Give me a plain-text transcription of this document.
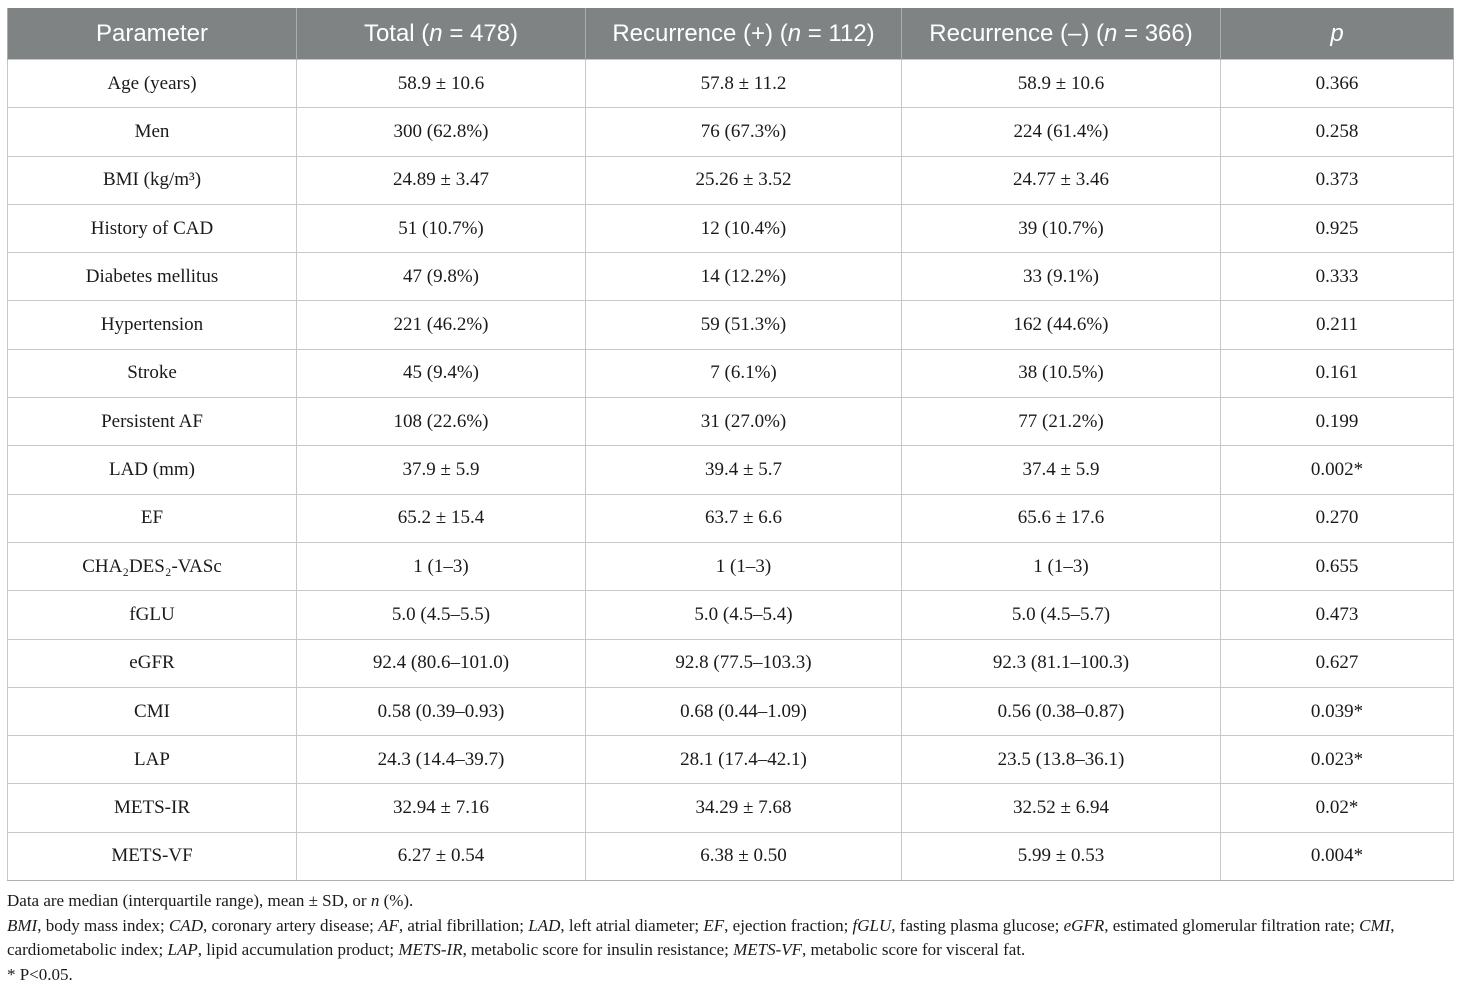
Parameter	Total (n = 478)	Recurrence (+) (n = 112)	Recurrence (–) (n = 366)	p
Age (years)	58.9 ± 10.6	57.8 ± 11.2	58.9 ± 10.6	0.366
Men	300 (62.8%)	76 (67.3%)	224 (61.4%)	0.258
BMI (kg/m³)	24.89 ± 3.47	25.26 ± 3.52	24.77 ± 3.46	0.373
History of CAD	51 (10.7%)	12 (10.4%)	39 (10.7%)	0.925
Diabetes mellitus	47 (9.8%)	14 (12.2%)	33 (9.1%)	0.333
Hypertension	221 (46.2%)	59 (51.3%)	162 (44.6%)	0.211
Stroke	45 (9.4%)	7 (6.1%)	38 (10.5%)	0.161
Persistent AF	108 (22.6%)	31 (27.0%)	77 (21.2%)	0.199
LAD (mm)	37.9 ± 5.9	39.4 ± 5.7	37.4 ± 5.9	0.002*
EF	65.2 ± 15.4	63.7 ± 6.6	65.6 ± 17.6	0.270
CHA₂DES₂-VASc	1 (1–3)	1 (1–3)	1 (1–3)	0.655
fGLU	5.0 (4.5–5.5)	5.0 (4.5–5.4)	5.0 (4.5–5.7)	0.473
eGFR	92.4 (80.6–101.0)	92.8 (77.5–103.3)	92.3 (81.1–100.3)	0.627
CMI	0.58 (0.39–0.93)	0.68 (0.44–1.09)	0.56 (0.38–0.87)	0.039*
LAP	24.3 (14.4–39.7)	28.1 (17.4–42.1)	23.5 (13.8–36.1)	0.023*
METS-IR	32.94 ± 7.16	34.29 ± 7.68	32.52 ± 6.94	0.02*
METS-VF	6.27 ± 0.54	6.38 ± 0.50	5.99 ± 0.53	0.004*

Data are median (interquartile range), mean ± SD, or n (%).

BMI, body mass index; CAD, coronary artery disease; AF, atrial fibrillation; LAD, left atrial diameter; EF, ejection fraction; fGLU, fasting plasma glucose; eGFR, estimated glomerular filtration rate; CMI, cardiometabolic index; LAP, lipid accumulation product; METS-IR, metabolic score for insulin resistance; METS-VF, metabolic score for visceral fat.

* P<0.05.
